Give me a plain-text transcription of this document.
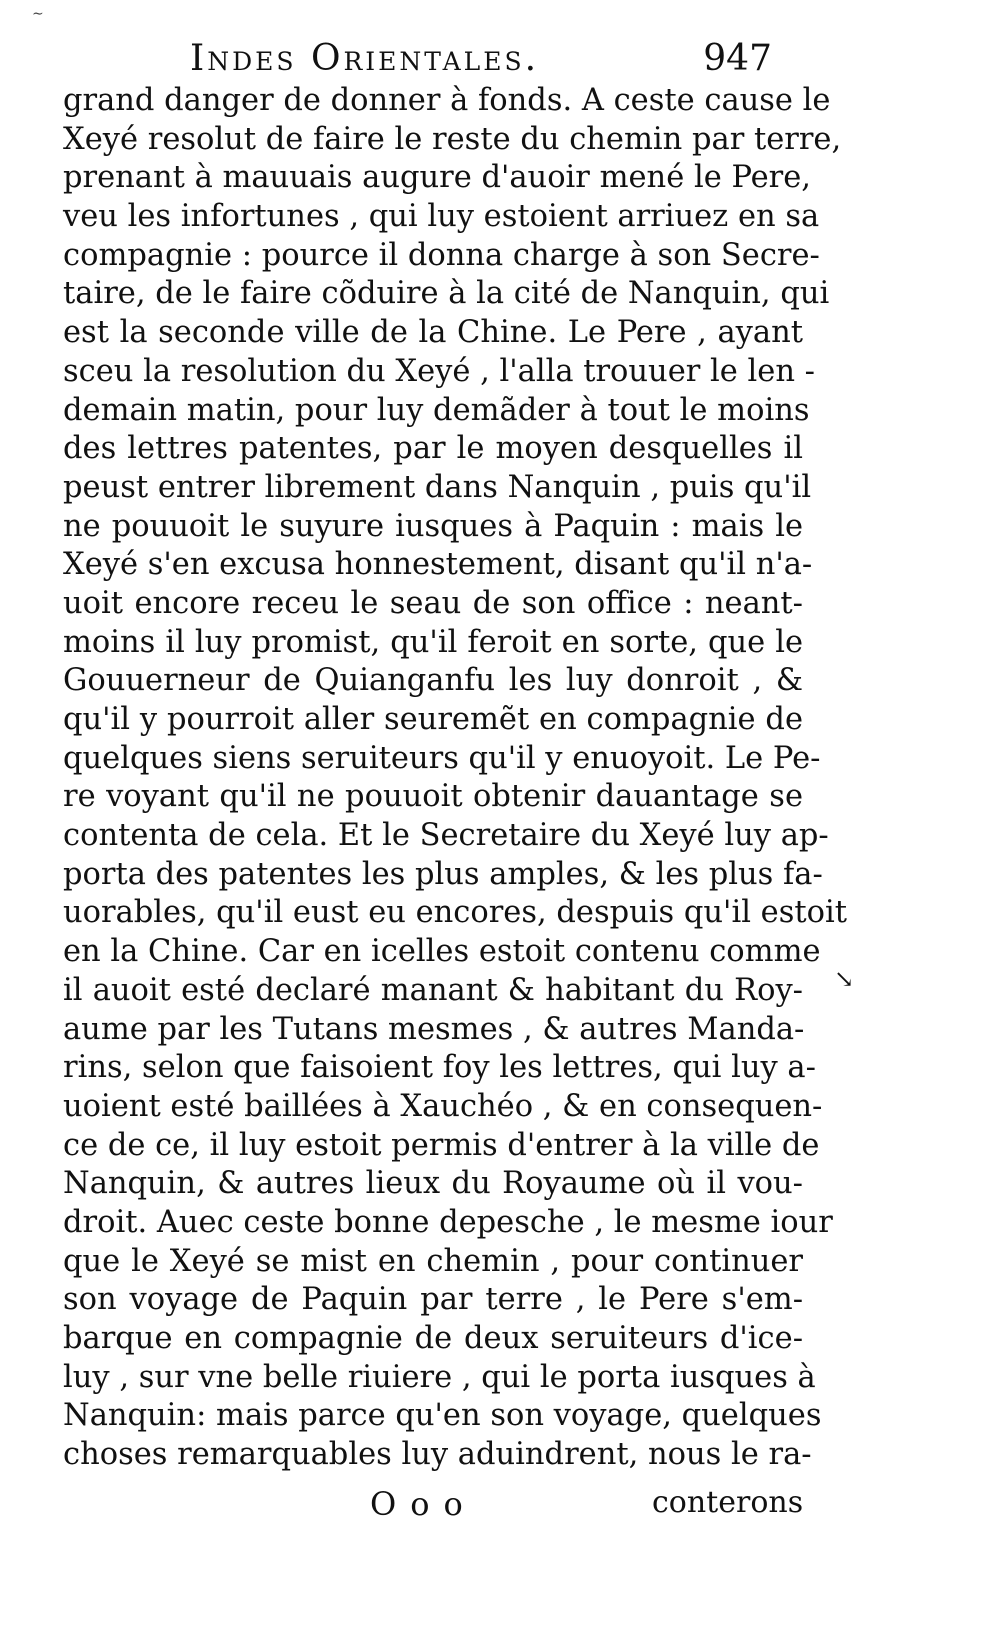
Indes Orientales.	947
grand danger de donner à fonds. A ceste cause le
Xeyé resolut de faire le reste du chemin par terre,
prenant à mauuais augure d'auoir mené le Pere,
veu les infortunes , qui luy estoient arriuez en sa
compagnie : pource il donna charge à son Secre-
taire, de le faire cõduire à la cité de Nanquin, qui
est la seconde ville de la Chine. Le Pere , ayant
sceu la resolution du Xeyé , l'alla trouuer le len -
demain matin, pour luy demãder à tout le moins
des lettres patentes, par le moyen desquelles il
peust entrer librement dans Nanquin , puis qu'il
ne pouuoit le suyure iusques à Paquin : mais le
Xeyé s'en excusa honnestement, disant qu'il n'a-
uoit encore receu le seau de son office : neant-
moins il luy promist, qu'il feroit en sorte, que le
Gouuerneur de Quianganfu les luy donroit , &
qu'il y pourroit aller seuremẽt en compagnie de
quelques siens seruiteurs qu'il y enuoyoit. Le Pe-
re voyant qu'il ne pouuoit obtenir dauantage se
contenta de cela. Et le Secretaire du Xeyé luy ap-
porta des patentes les plus amples, & les plus fa-
uorables, qu'il eust eu encores, despuis qu'il estoit
en la Chine. Car en icelles estoit contenu comme
il auoit esté declaré manant & habitant du Roy-
aume par les Tutans mesmes , & autres Manda-
rins, selon que faisoient foy les lettres, qui luy a-
uoient esté baillées à Xauchéo , & en consequen-
ce de ce, il luy estoit permis d'entrer à la ville de
Nanquin, & autres lieux du Royaume où il vou-
droit. Auec ceste bonne depesche , le mesme iour
que le Xeyé se mist en chemin , pour continuer
son voyage de Paquin par terre , le Pere s'em-
barque en compagnie de deux seruiteurs d'ice-
luy , sur vne belle riuiere , qui le porta iusques à
Nanquin: mais parce qu'en son voyage, quelques
choses remarquables luy aduindrent, nous le ra-
Ooo	conterons
↘
∼
